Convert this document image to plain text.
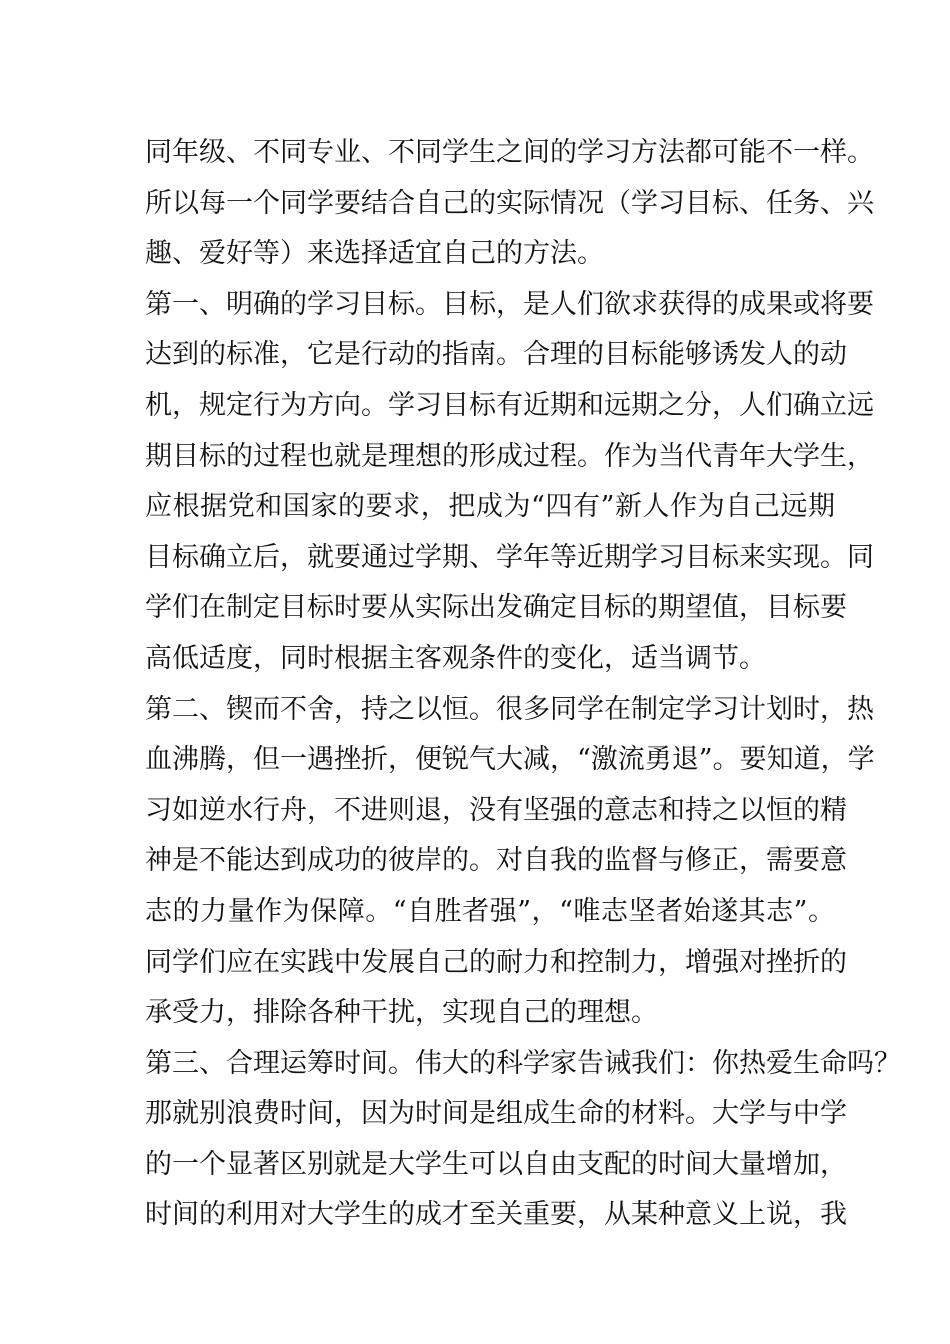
同年级、不同专业、不同学生之间的学习方法都可能不一样。
所以每一个同学要结合自己的实际情况（学习目标、任务、兴
趣、爱好等）来选择适宜自己的方法。
第一、明确的学习目标。目标，是人们欲求获得的成果或将要
达到的标准，它是行动的指南。合理的目标能够诱发人的动
机，规定行为方向。学习目标有近期和远期之分，人们确立远
期目标的过程也就是理想的形成过程。作为当代青年大学生，
应根据党和国家的要求，把成为“四有”新人作为自己远期
目标确立后，就要通过学期、学年等近期学习目标来实现。同
学们在制定目标时要从实际出发确定目标的期望值，目标要
高低适度，同时根据主客观条件的变化，适当调节。
第二、锲而不舍，持之以恒。很多同学在制定学习计划时，热
血沸腾，但一遇挫折，便锐气大减，“激流勇退”。要知道，学
习如逆水行舟，不进则退，没有坚强的意志和持之以恒的精
神是不能达到成功的彼岸的。对自我的监督与修正，需要意
志的力量作为保障。“自胜者强”，“唯志坚者始遂其志”。
同学们应在实践中发展自己的耐力和控制力，增强对挫折的
承受力，排除各种干扰，实现自己的理想。
第三、合理运筹时间。伟大的科学家告诫我们：你热爱生命吗？
那就别浪费时间，因为时间是组成生命的材料。大学与中学
的一个显著区别就是大学生可以自由支配的时间大量增加，
时间的利用对大学生的成才至关重要，从某种意义上说，我
